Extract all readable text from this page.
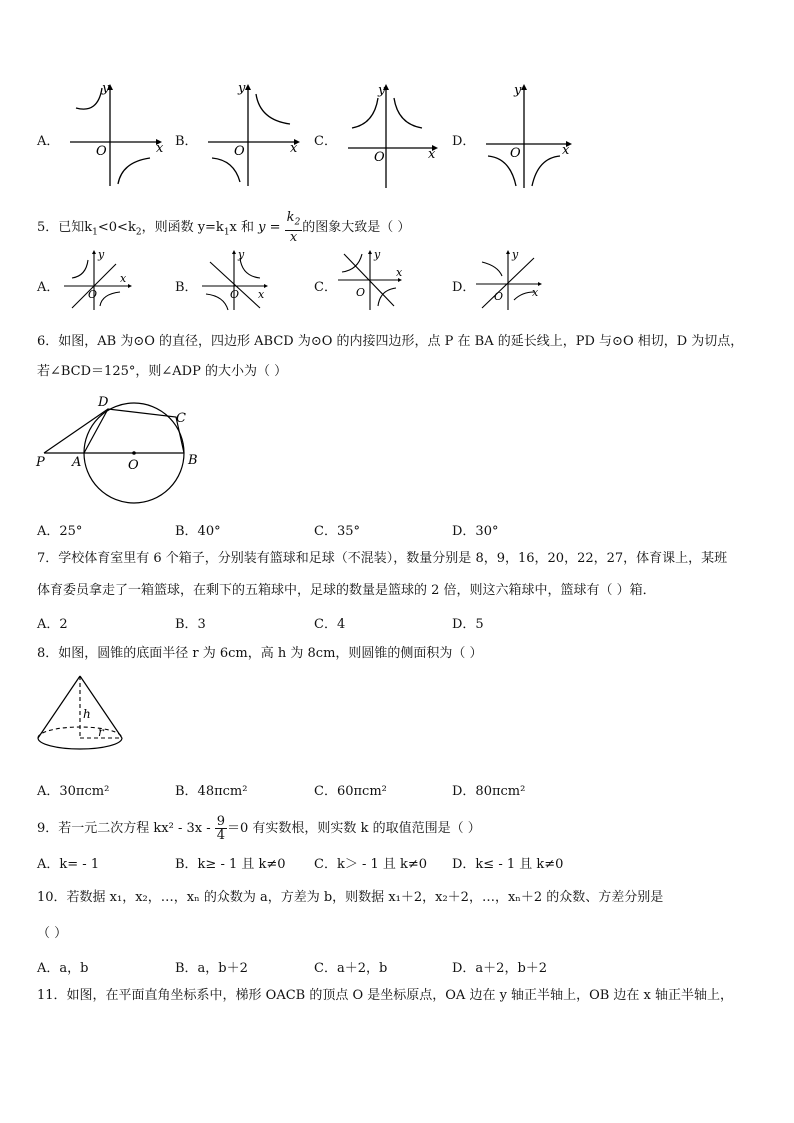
A．	B．	C．	D．
x
y
O	x
y
O	x
y
O	x
y
O
5．已知$k_1<0<k_2$，则函数 $y=k_1x$ 和 $y = \frac{k_2}{x}$ 的图象大致是（ ）
A．	B．	C．	D．
x
y
O	x
y
O
x
y
O	x
y
O
6．如图，AB 为⊙O 的直径，四边形 ABCD 为⊙O 的内接四边形，点 P 在 BA 的延长线上，PD 与⊙O 相切，D 为切点，
若∠BCD＝125°，则∠ADP 的大小为（ ）
P A	O	B
C
D
A．25°	B．40°	C．35°	D．30°
7．学校体育室里有 6 个箱子，分别装有篮球和足球（不混装），数量分别是 8，9，16，20，22，27，体育课上，某班
体育委员拿走了一箱篮球，在剩下的五箱球中，足球的数量是篮球的 2 倍，则这六箱球中，篮球有（ ）箱．
A．2	B．3	C．4	D．5
8．如图，圆锥的底面半径 r 为 6cm，高 h 为 8cm，则圆锥的侧面积为（ ）
h
r
A．30πcm²	B．48πcm²	C．60πcm²	D．80πcm²
9．若一元二次方程 $kx^2 - 3x - \frac{9}{4} =0$ 有实数根，则实数 k 的取值范围是（ ）
A．k= - 1	B．k≥ - 1 且 k≠0 C．k＞ - 1 且 k≠0 D．k≤ - 1 且 k≠0
10．若数据 x₁，x₂，…，xₙ 的众数为 a，方差为 b，则数据 x₁＋2，x₂＋2，…，xₙ＋2 的众数、方差分别是
（ ）
A．a，b	B．a，b＋2	C．a＋2，b	D．a＋2，b＋2
11．如图，在平面直角坐标系中，梯形 OACB 的顶点 O 是坐标原点，OA 边在 y 轴正半轴上，OB 边在 x 轴正半轴上，
